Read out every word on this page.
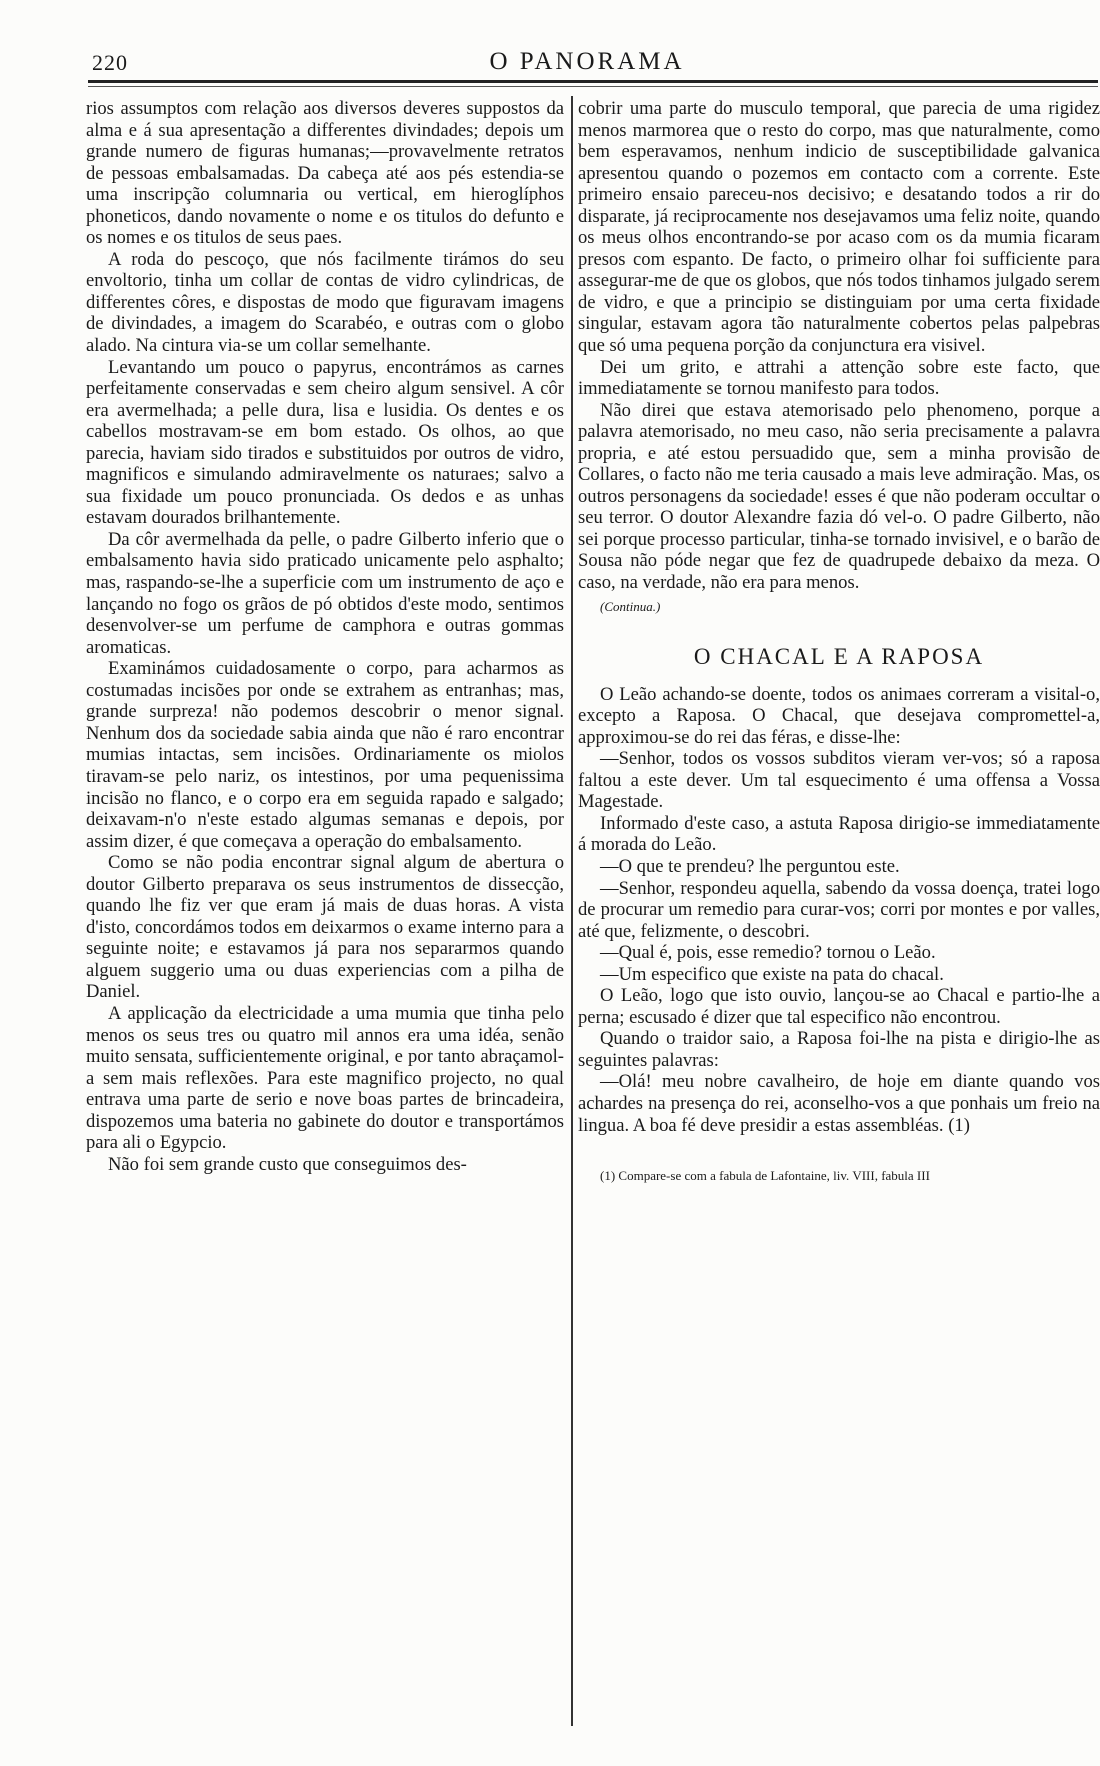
220	O PANORAMA

rios assumptos com relação aos diversos deveres suppostos da alma e á sua apresentação a differentes divindades; depois um grande numero de figuras humanas;—provavelmente retratos de pessoas embalsamadas. Da cabeça até aos pés estendia-se uma inscripção columnaria ou vertical, em hieroglíphos phoneticos, dando novamente o nome e os titulos do defunto e os nomes e os titulos de seus paes.

A roda do pescoço, que nós facilmente tirámos do seu envoltorio, tinha um collar de contas de vidro cylindricas, de differentes côres, e dispostas de modo que figuravam imagens de divindades, a imagem do Scarabéo, e outras com o globo alado. Na cintura via-se um collar semelhante.

Levantando um pouco o papyrus, encontrámos as carnes perfeitamente conservadas e sem cheiro algum sensivel. A côr era avermelhada; a pelle dura, lisa e lusidia. Os dentes e os cabellos mostravam-se em bom estado. Os olhos, ao que parecia, haviam sido tirados e substituidos por outros de vidro, magnificos e simulando admiravelmente os naturaes; salvo a sua fixidade um pouco pronunciada. Os dedos e as unhas estavam dourados brilhantemente.

Da côr avermelhada da pelle, o padre Gilberto inferio que o embalsamento havia sido praticado unicamente pelo asphalto; mas, raspando-se-lhe a superficie com um instrumento de aço e lançando no fogo os grãos de pó obtidos d'este modo, sentimos desenvolver-se um perfume de camphora e outras gommas aromaticas.

Examinámos cuidadosamente o corpo, para acharmos as costumadas incisões por onde se extrahem as entranhas; mas, grande surpreza! não podemos descobrir o menor signal. Nenhum dos da sociedade sabia ainda que não é raro encontrar mumias intactas, sem incisões. Ordinariamente os miolos tiravam-se pelo nariz, os intestinos, por uma pequenissima incisão no flanco, e o corpo era em seguida rapado e salgado; deixavam-n'o n'este estado algumas semanas e depois, por assim dizer, é que começava a operação do embalsamento.

Como se não podia encontrar signal algum de abertura o doutor Gilberto preparava os seus instrumentos de dissecção, quando lhe fiz ver que eram já mais de duas horas. A vista d'isto, concordámos todos em deixarmos o exame interno para a seguinte noite; e estavamos já para nos separarmos quando alguem suggerio uma ou duas experiencias com a pilha de Daniel.

A applicação da electricidade a uma mumia que tinha pelo menos os seus tres ou quatro mil annos era uma idéa, senão muito sensata, sufficientemente original, e por tanto abraçamol-a sem mais reflexões. Para este magnifico projecto, no qual entrava uma parte de serio e nove boas partes de brincadeira, dispozemos uma bateria no gabinete do doutor e transportámos para ali o Egypcio.

Não foi sem grande custo que conseguimos des-

cobrir uma parte do musculo temporal, que parecia de uma rigidez menos marmorea que o resto do corpo, mas que naturalmente, como bem esperavamos, nenhum indicio de susceptibilidade galvanica apresentou quando o pozemos em contacto com a corrente. Este primeiro ensaio pareceu-nos decisivo; e desatando todos a rir do disparate, já reciprocamente nos desejavamos uma feliz noite, quando os meus olhos encontrando-se por acaso com os da mumia ficaram presos com espanto. De facto, o primeiro olhar foi sufficiente para assegurar-me de que os globos, que nós todos tinhamos julgado serem de vidro, e que a principio se distinguiam por uma certa fixidade singular, estavam agora tão naturalmente cobertos pelas palpebras que só uma pequena porção da conjunctura era visivel.

Dei um grito, e attrahi a attenção sobre este facto, que immediatamente se tornou manifesto para todos.

Não direi que estava atemorisado pelo phenomeno, porque a palavra atemorisado, no meu caso, não seria precisamente a palavra propria, e até estou persuadido que, sem a minha provisão de Collares, o facto não me teria causado a mais leve admiração. Mas, os outros personagens da sociedade! esses é que não poderam occultar o seu terror. O doutor Alexandre fazia dó vel-o. O padre Gilberto, não sei porque processo particular, tinha-se tornado invisivel, e o barão de Sousa não póde negar que fez de quadrupede debaixo da meza. O caso, na verdade, não era para menos.

(Continua.)
O CHACAL E A RAPOSA

O Leão achando-se doente, todos os animaes correram a visital-o, excepto a Raposa. O Chacal, que desejava compromettel-a, approximou-se do rei das féras, e disse-lhe:

—Senhor, todos os vossos subditos vieram ver-vos; só a raposa faltou a este dever. Um tal esquecimento é uma offensa a Vossa Magestade.

Informado d'este caso, a astuta Raposa dirigio-se immediatamente á morada do Leão.

—O que te prendeu? lhe perguntou este.

—Senhor, respondeu aquella, sabendo da vossa doença, tratei logo de procurar um remedio para curar-vos; corri por montes e por valles, até que, felizmente, o descobri.

—Qual é, pois, esse remedio? tornou o Leão.

—Um especifico que existe na pata do chacal.

O Leão, logo que isto ouvio, lançou-se ao Chacal e partio-lhe a perna; escusado é dizer que tal especifico não encontrou.

Quando o traidor saio, a Raposa foi-lhe na pista e dirigio-lhe as seguintes palavras:

—Olá! meu nobre cavalheiro, de hoje em diante quando vos achardes na presença do rei, aconselho-vos a que ponhais um freio na lingua. A boa fé deve presidir a estas assembléas. (1)

(1) Compare-se com a fabula de Lafontaine, liv. VIII, fabula III
